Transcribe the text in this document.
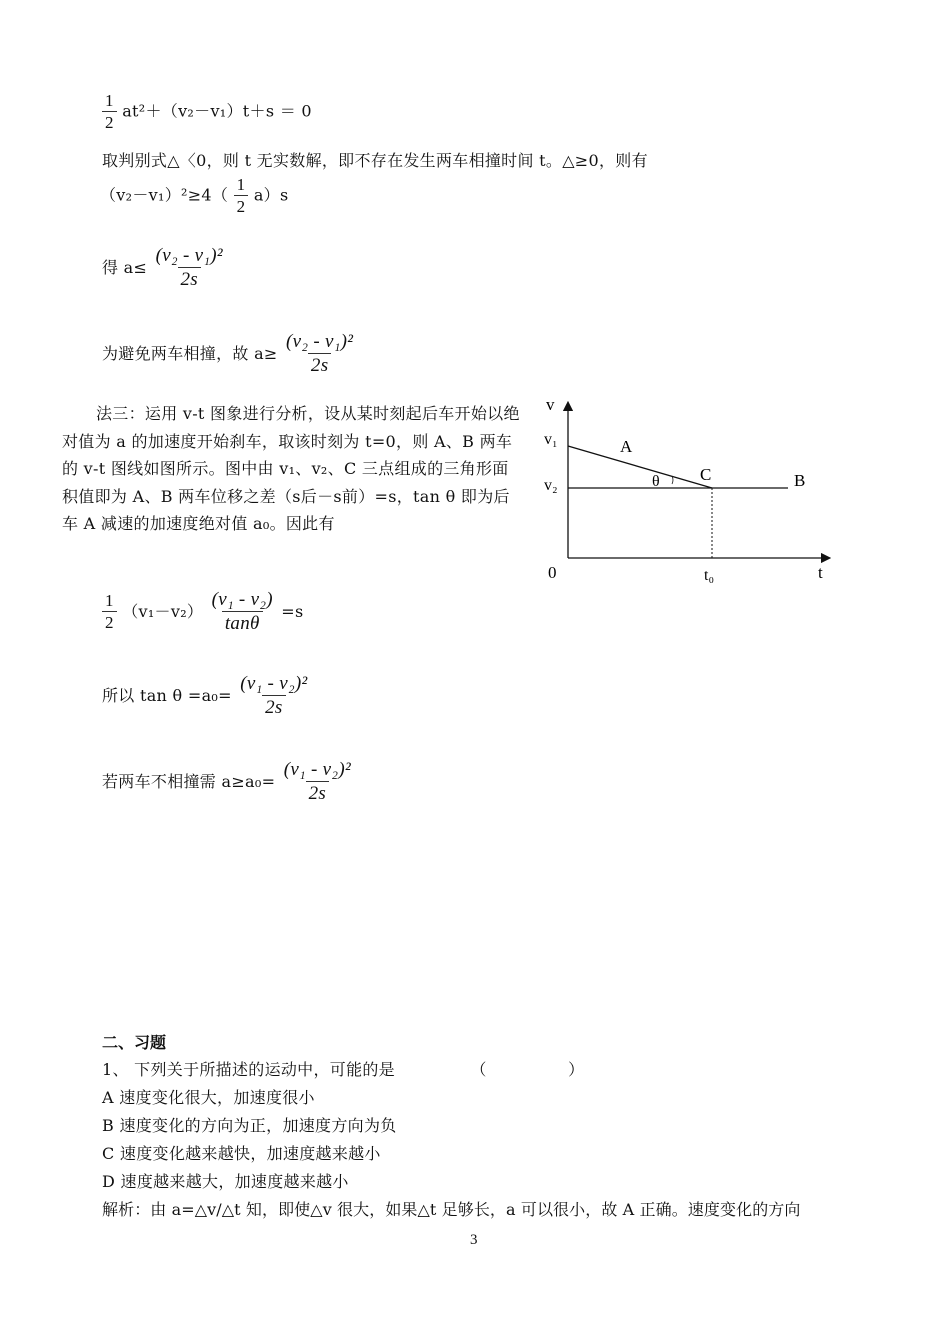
$\frac{1}{2} at^2+(v_2-v_1)t+s = 0$
取判别式△〈0，则 t 无实数解，即不存在发生两车相撞时间 t。△≥0，则有
$(v_2-v_1)^2\ge 4( \frac{1}{2} a)s$
得 $a\le \frac{\text{(v₂ - v₁)²}}{2s}$
为避免两车相撞，故 $a\ge \frac{\text{(v₂ - v₁)²}}{2s}$
法三：运用 v-t 图象进行分析，设从某时刻起后车开始以绝对值为 a 的加速度开始刹车，取该时刻为 t=0，则 A、B 两车的 v-t 图线如图所示。图中由 v₁、v₂、C 三点组成的三角形面积值即为 A、B 两车位移之差（s后－s前）=s，tan θ 即为后车 A 减速的加速度绝对值 a₀。因此有
v
t
0
v₁
v₂
A
B
C
θ
t₀
$\frac{1}{2} (v_1-v_2) \frac{\text{(v₁ - v₂)}}{\tan\theta} =s$
所以 $\tan \theta =a_0= \frac{\text{(v₁ - v₂)²}}{2s}$
若两车不相撞需 $a\ge a_0= \frac{\text{(v₁ - v₂)²}}{2s}$
二、习题
1、 下列关于所描述的运动中，可能的是	（　　　　　）
A 速度变化很大，加速度很小
B 速度变化的方向为正，加速度方向为负
C 速度变化越来越快，加速度越来越小
D 速度越来越大，加速度越来越小
解析：由 a=△v/△t 知，即使△v 很大，如果△t 足够长，a 可以很小，故 A 正确。速度变化的方向
3
